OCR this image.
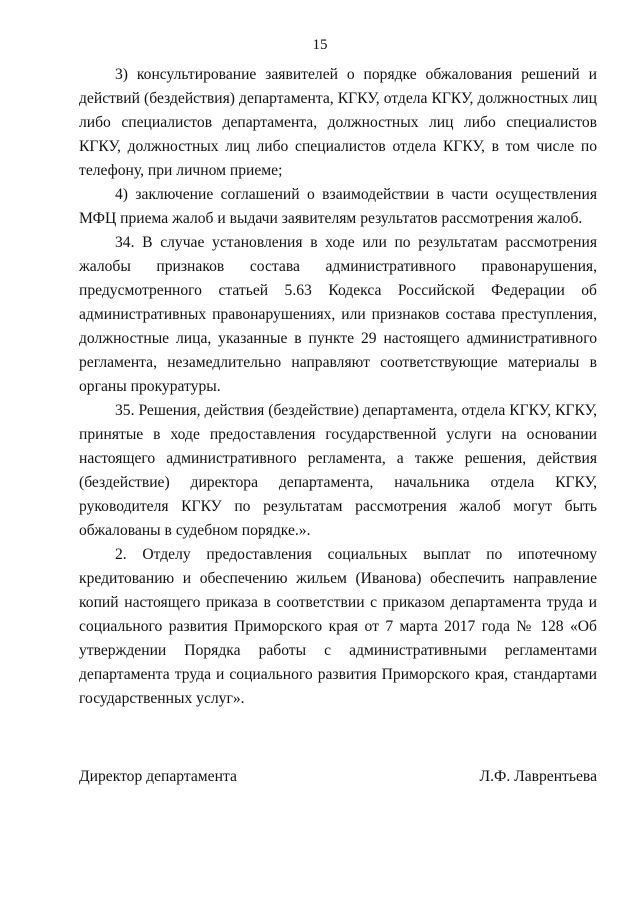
15

3) консультирование заявителей о порядке обжалования решений и действий (бездействия) департамента, КГКУ, отдела КГКУ, должностных лиц либо специалистов департамента, должностных лиц либо специалистов КГКУ, должностных лиц либо специалистов отдела КГКУ, в том числе по телефону, при личном приеме;

4) заключение соглашений о взаимодействии в части осуществления МФЦ приема жалоб и выдачи заявителям результатов рассмотрения жалоб.

34. В случае установления в ходе или по результатам рассмотрения жалобы признаков состава административного правонарушения, предусмотренного статьей 5.63 Кодекса Российской Федерации об административных правонарушениях, или признаков состава преступления, должностные лица, указанные в пункте 29 настоящего административного регламента, незамедлительно направляют соответствующие материалы в органы прокуратуры.

35. Решения, действия (бездействие) департамента, отдела КГКУ, КГКУ, принятые в ходе предоставления государственной услуги на основании настоящего административного регламента, а также решения, действия (бездействие) директора департамента, начальника отдела КГКУ, руководителя КГКУ по результатам рассмотрения жалоб могут быть обжалованы в судебном порядке.».

2. Отделу предоставления социальных выплат по ипотечному кредитованию и обеспечению жильем (Иванова) обеспечить направление копий настоящего приказа в соответствии с приказом департамента труда и социального развития Приморского края от 7 марта 2017 года № 128 «Об утверждении Порядка работы с административными регламентами департамента труда и социального развития Приморского края, стандартами государственных услуг».

Директор департамента	Л.Ф. Лаврентьева
